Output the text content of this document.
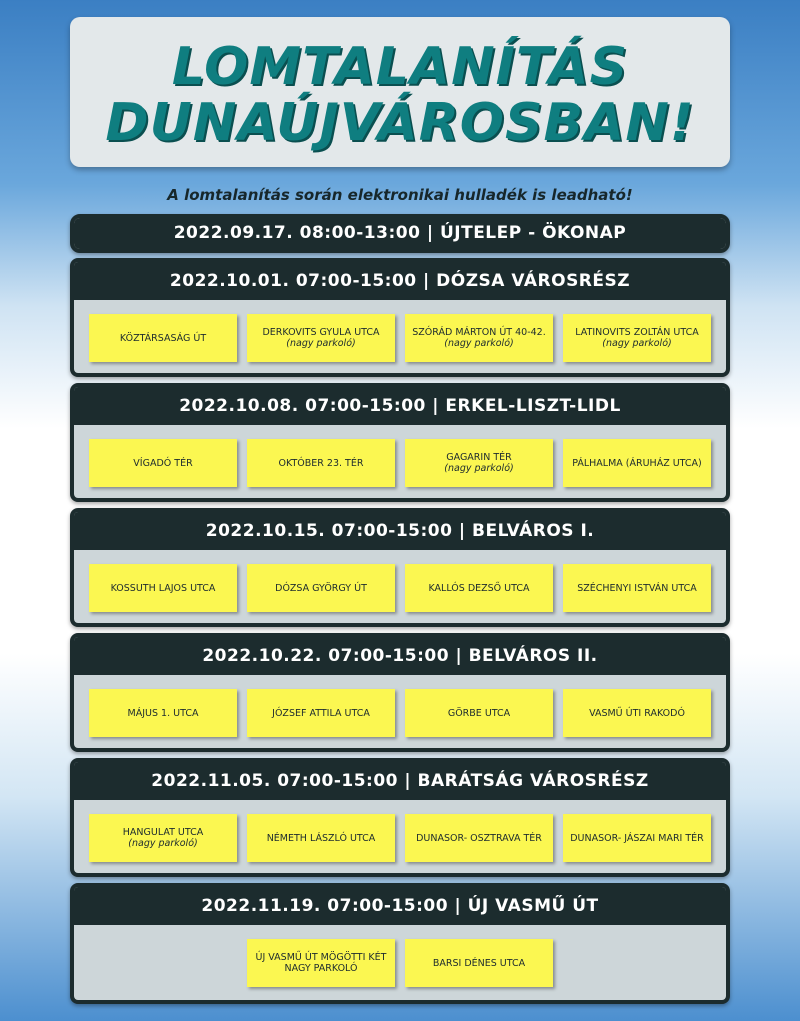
LOMTALANÍTÁS
DUNAÚJVÁROSBAN!
A lomtalanítás során elektronikai hulladék is leadható!
2022.09.17. 08:00-13:00 | ÚJTELEP - ÖKONAP
2022.10.01. 07:00-15:00 | DÓZSA VÁROSRÉSZ
KÖZTÁRSASÁG ÚT	DERKOVITS GYULA UTCA
(nagy parkoló)
SZÓRÁD MÁRTON ÚT 40-42.
(nagy parkoló)
LATINOVITS ZOLTÁN UTCA
(nagy parkoló)
2022.10.08. 07:00-15:00 | ERKEL-LISZT-LIDL
VÍGADÓ TÉR	OKTÓBER 23. TÉR	GAGARIN TÉR
(nagy parkoló)	PÁLHALMA (ÁRUHÁZ UTCA)
2022.10.15. 07:00-15:00 | BELVÁROS I.
KOSSUTH LAJOS UTCA	DÓZSA GYÖRGY ÚT	KALLÓS DEZSŐ UTCA	SZÉCHENYI ISTVÁN UTCA
2022.10.22. 07:00-15:00 | BELVÁROS II.
MÁJUS 1. UTCA	JÓZSEF ATTILA UTCA	GÖRBE UTCA	VASMŰ ÚTI RAKODÓ
2022.11.05. 07:00-15:00 | BARÁTSÁG VÁROSRÉSZ
HANGULAT UTCA
(nagy parkoló)	NÉMETH LÁSZLÓ UTCA	DUNASOR- OSZTRAVA TÉR	DUNASOR- JÁSZAI MARI TÉR
2022.11.19. 07:00-15:00 | ÚJ VASMŰ ÚT
ÚJ VASMŰ ÚT MÖGÖTTI KÉT NAGY PARKOLÓ	BARSI DÉNES UTCA
